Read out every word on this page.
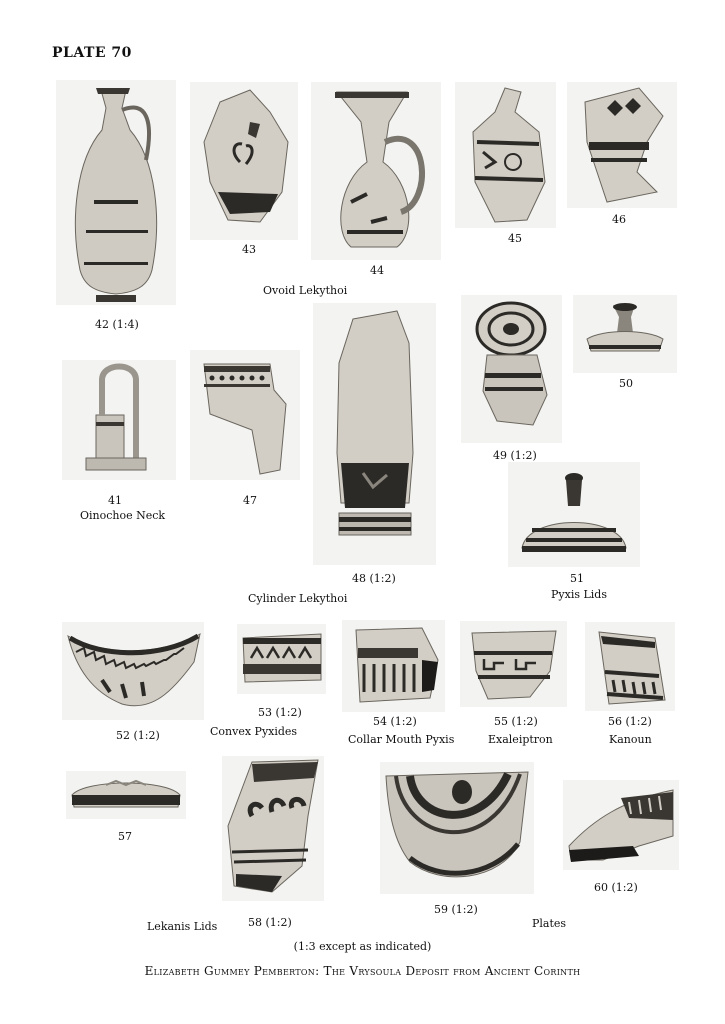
PLATE 70
42 (1:4)
43
44
Ovoid Lekythoi
45
46
41
Oinochoe Neck
47
48 (1:2)
Cylinder Lekythoi
49 (1:2)
50
51
Pyxis Lids
52 (1:2)
53 (1:2)
Convex Pyxides
54 (1:2)
Collar Mouth Pyxis
55 (1:2)
Exaleiptron
56 (1:2)
Kanoun
57
58 (1:2)
Lekanis Lids
59 (1:2)
Plates
60 (1:2)
(1:3 except as indicated)
Elizabeth Gummey Pemberton: The Vrysoula Deposit from Ancient Corinth
